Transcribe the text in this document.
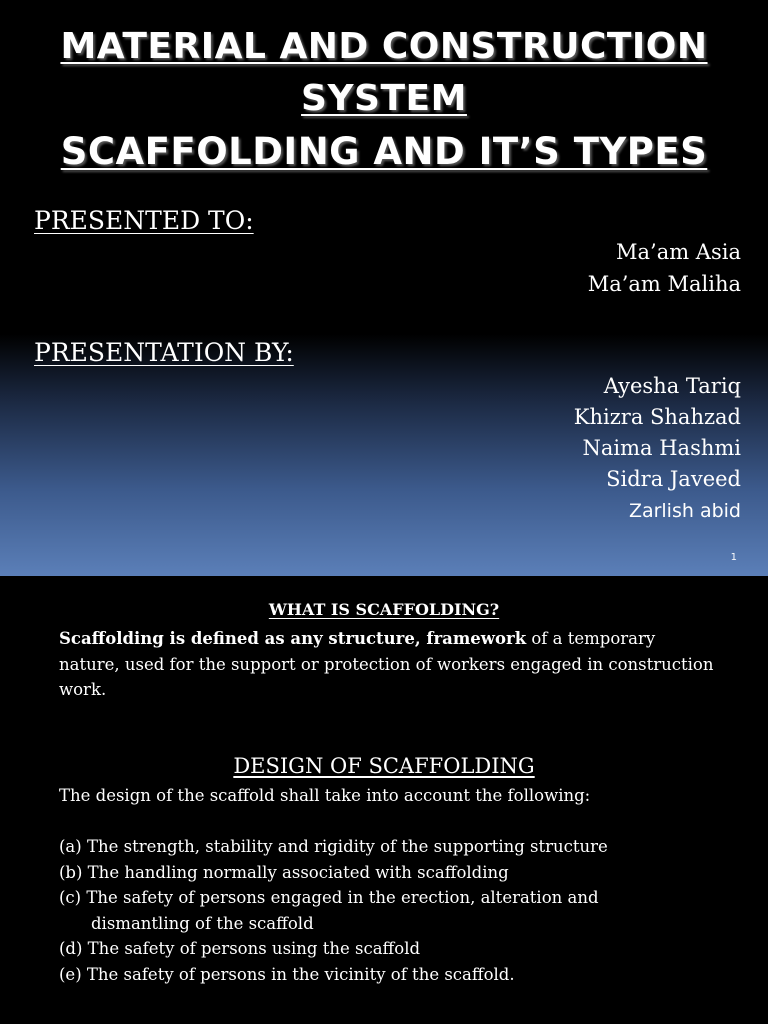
MATERIAL AND CONSTRUCTION
SYSTEM
SCAFFOLDING AND IT’S TYPES
PRESENTED TO:
Ma’am Asia
Ma’am Maliha
PRESENTATION BY:
Ayesha Tariq
Khizra Shahzad
Naima Hashmi
Sidra Javeed
Zarlish abid
1
WHAT IS SCAFFOLDING?
Scaffolding is defined as any structure, framework of a temporary nature, used for the support or protection of workers engaged in construction work.
DESIGN OF SCAFFOLDING
The design of the scaffold shall take into account the following:
(a) The strength, stability and rigidity of the supporting structure
(b) The handling normally associated with scaffolding
(c) The safety of persons engaged in the erection, alteration and
dismantling of the scaffold
(d) The safety of persons using the scaffold
(e) The safety of persons in the vicinity of the scaffold.
